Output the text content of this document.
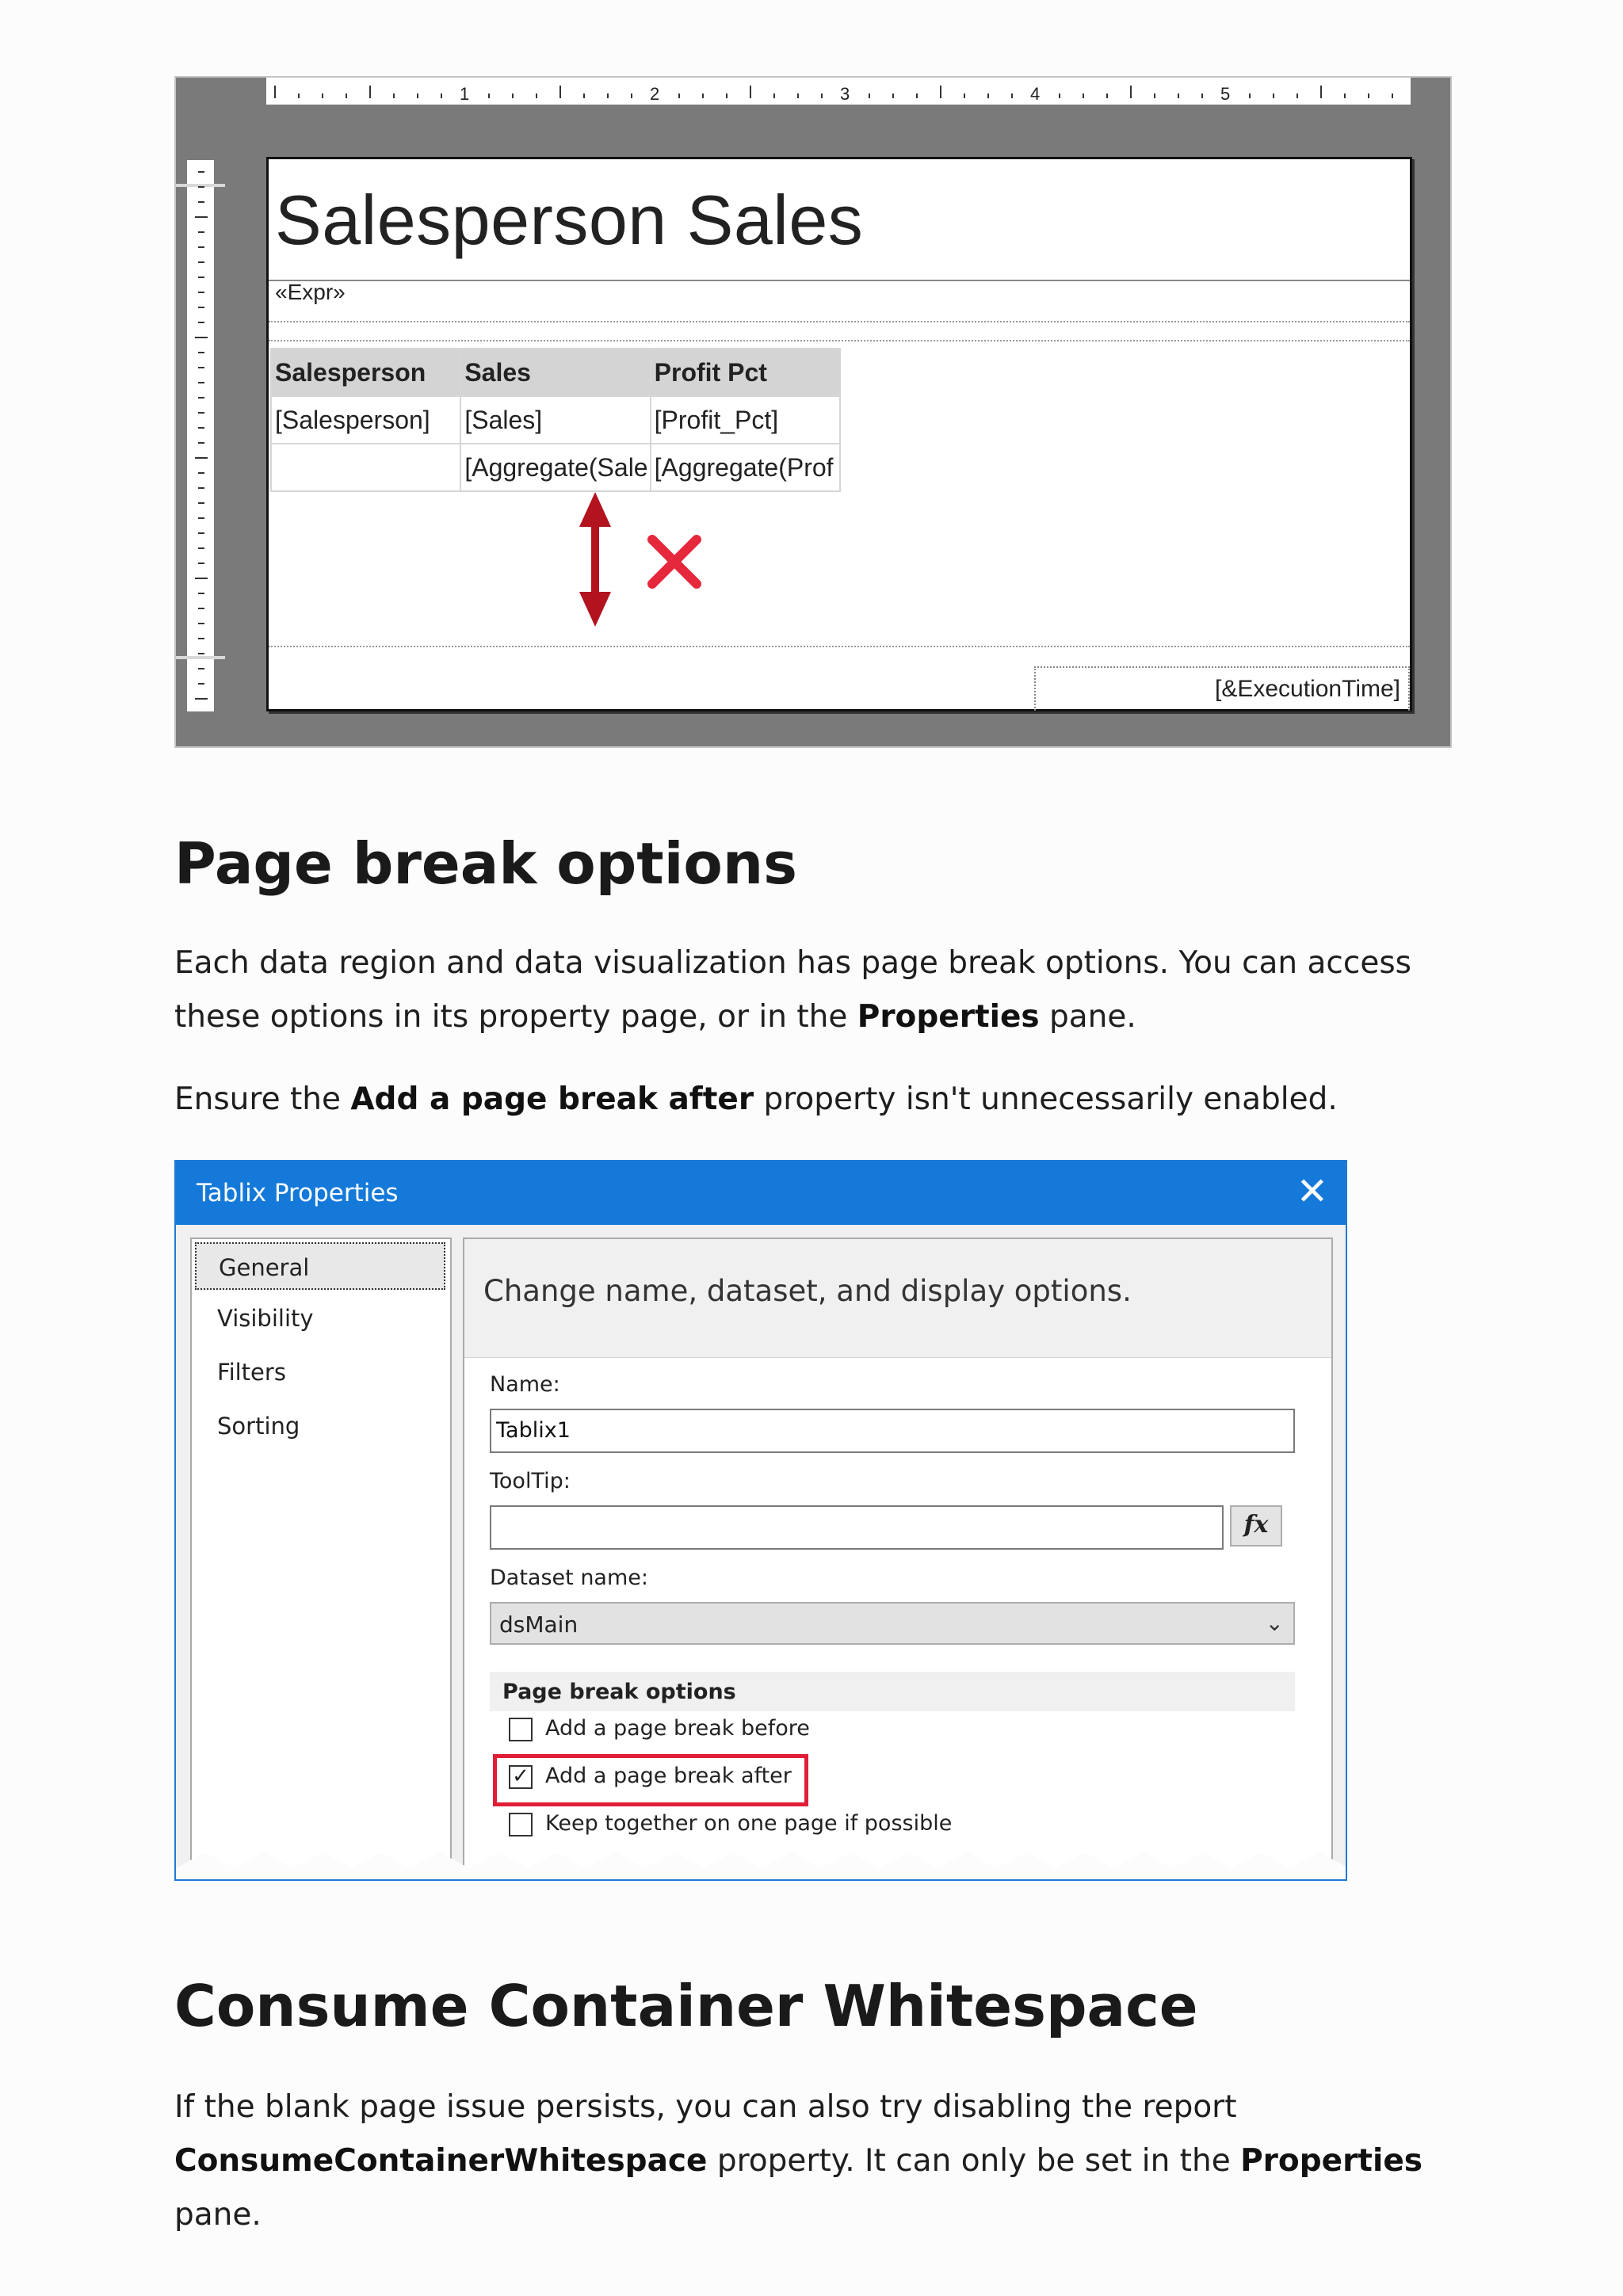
1	2	3	4	5
Salesperson Sales
«Expr»
Salesperson	Sales	Profit Pct
[Salesperson]	[Sales]	[Profit_Pct]
	[Aggregate(Sale	[Aggregate(Prof
[&ExecutionTime]
Page break options
Each data region and data visualization has page break options. You can access these options in its property page, or in the Properties pane.
Ensure the Add a page break after property isn't unnecessarily enabled.
Tablix Properties	✕
General
Visibility
Filters
Sorting
Change name, dataset, and display options.
Name:
Tablix1
ToolTip:
fx
Dataset name:
dsMain	⌄
Page break options
Add a page break before
✓ Add a page break after
Keep together on one page if possible
Consume Container Whitespace
If the blank page issue persists, you can also try disabling the report ConsumeContainerWhitespace property. It can only be set in the Properties pane.
